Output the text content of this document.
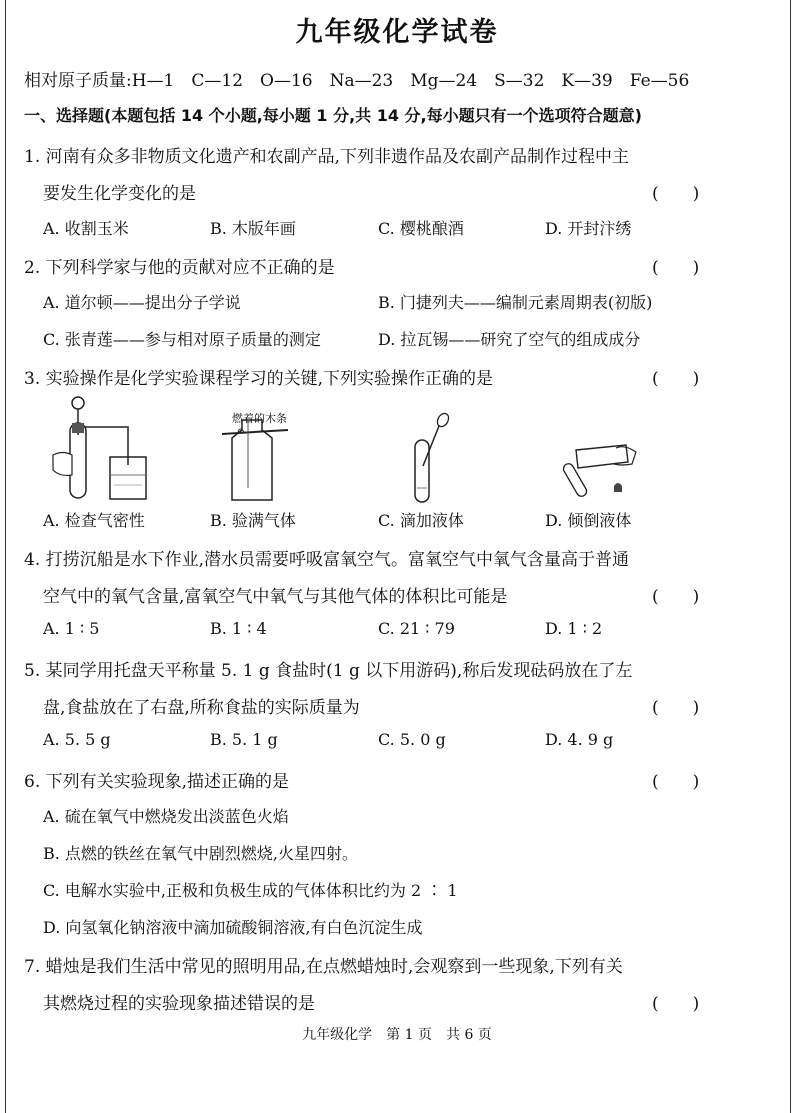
九年级化学试卷
相对原子质量:H—1　C—12　O—16　Na—23　Mg—24　S—32　K—39　Fe—56
一、选择题(本题包括 14 个小题,每小题 1 分,共 14 分,每小题只有一个选项符合题意)
1. 河南有众多非物质文化遗产和农副产品,下列非遗作品及农副产品制作过程中主
要发生化学变化的是	(　　)
A. 收割玉米	B. 木版年画	C. 樱桃酿酒	D. 开封汴绣
2. 下列科学家与他的贡献对应不正确的是	(　　)
A. 道尔顿——提出分子学说	B. 门捷列夫——编制元素周期表(初版)
C. 张青莲——参与相对原子质量的测定	D. 拉瓦锡——研究了空气的组成成分
3. 实验操作是化学实验课程学习的关键,下列实验操作正确的是	(　　)
燃着的木条
A. 检查气密性	B. 验满气体	C. 滴加液体	D. 倾倒液体
4. 打捞沉船是水下作业,潜水员需要呼吸富氧空气。富氧空气中氧气含量高于普通
空气中的氧气含量,富氧空气中氧气与其他气体的体积比可能是	(　　)
A. 1 ∶ 5	B. 1 ∶ 4	C. 21 ∶ 79	D. 1 ∶ 2
5. 某同学用托盘天平称量 5. 1 g 食盐时(1 g 以下用游码),称后发现砝码放在了左
盘,食盐放在了右盘,所称食盐的实际质量为	(　　)
A. 5. 5 g	B. 5. 1 g	C. 5. 0 g	D. 4. 9 g
6. 下列有关实验现象,描述正确的是	(　　)
A. 硫在氧气中燃烧发出淡蓝色火焰
B. 点燃的铁丝在氧气中剧烈燃烧,火星四射。
C. 电解水实验中,正极和负极生成的气体体积比约为 2 ∶ 1
D. 向氢氧化钠溶液中滴加硫酸铜溶液,有白色沉淀生成
7. 蜡烛是我们生活中常见的照明用品,在点燃蜡烛时,会观察到一些现象,下列有关
其燃烧过程的实验现象描述错误的是	(　　)
九年级化学　第 1 页　共 6 页
